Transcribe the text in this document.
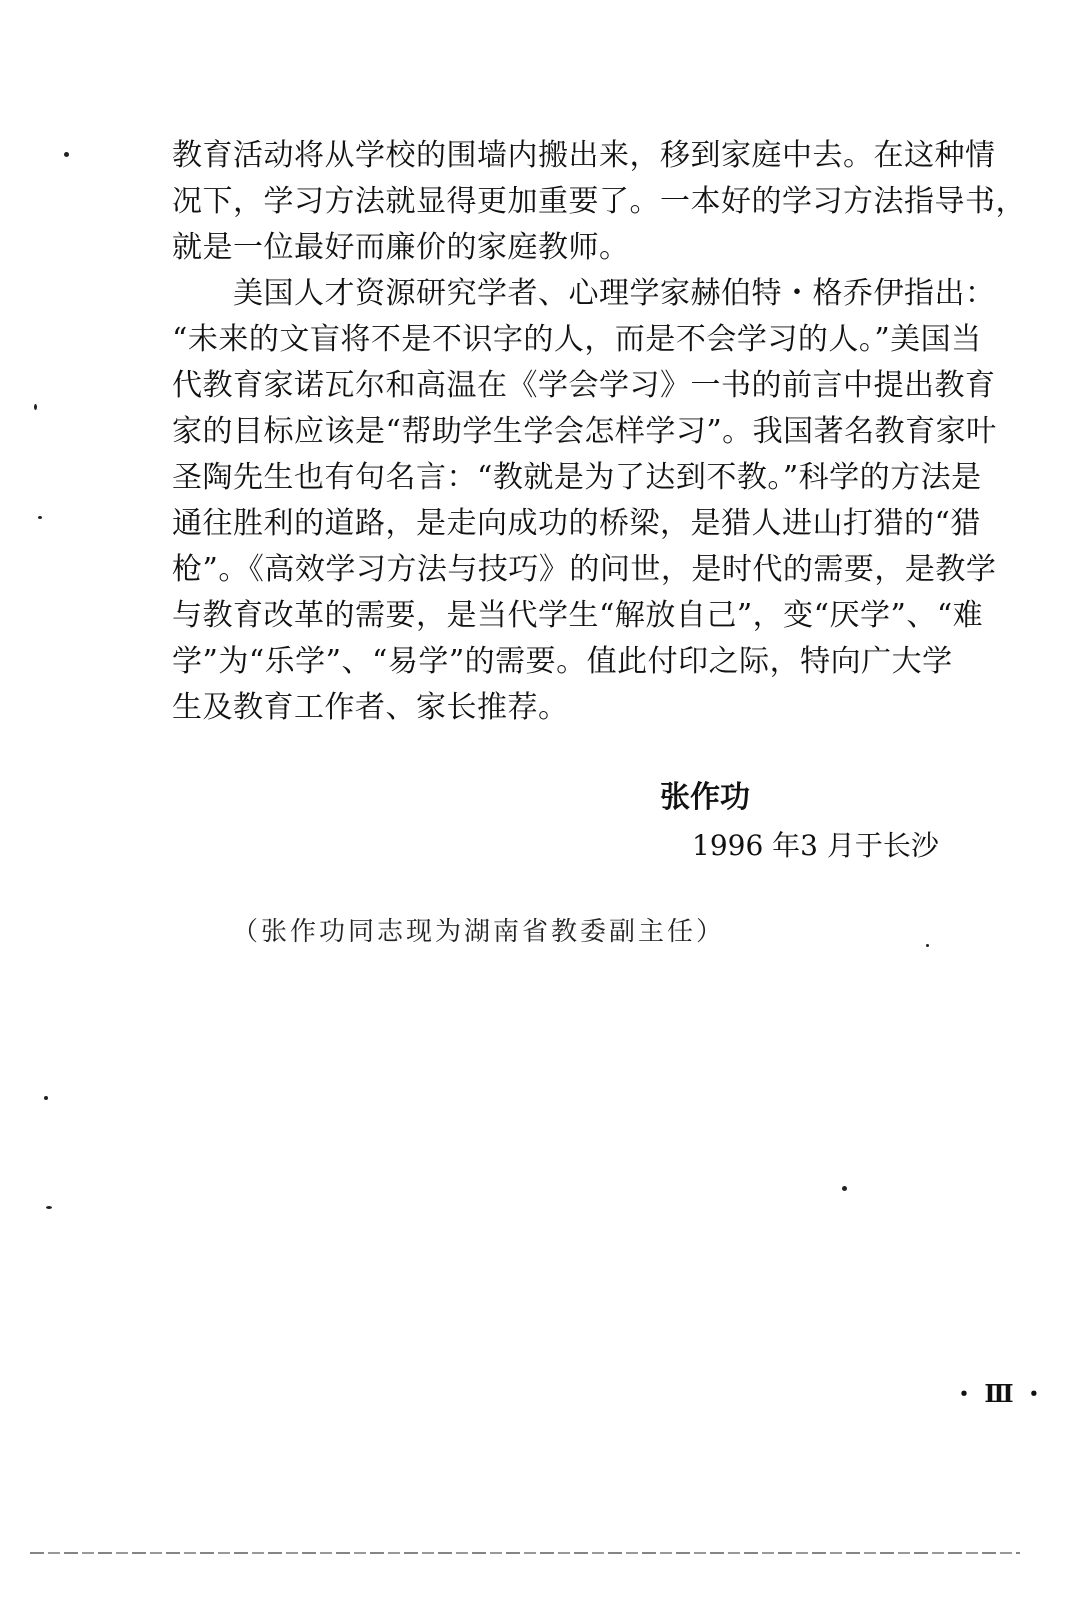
教育活动将从学校的围墙内搬出来，移到家庭中去。在这种情
况下，学习方法就显得更加重要了。一本好的学习方法指导书，
就是一位最好而廉价的家庭教师。
　　美国人才资源研究学者、心理学家赫伯特・格乔伊指出：
“未来的文盲将不是不识字的人，而是不会学习的人。”美国当
代教育家诺瓦尔和高温在《学会学习》一书的前言中提出教育
家的目标应该是“帮助学生学会怎样学习”。我国著名教育家叶
圣陶先生也有句名言：“教就是为了达到不教。”科学的方法是
通往胜利的道路，是走向成功的桥梁，是猎人进山打猎的“猎
枪”。《高效学习方法与技巧》的问世，是时代的需要，是教学
与教育改革的需要，是当代学生“解放自己”，变“厌学”、“难
学”为“乐学”、“易学”的需要。值此付印之际，特向广大学
生及教育工作者、家长推荐。
张作功
1996 年3 月于长沙
（张作功同志现为湖南省教委副主任）
・ Ⅲ ・
